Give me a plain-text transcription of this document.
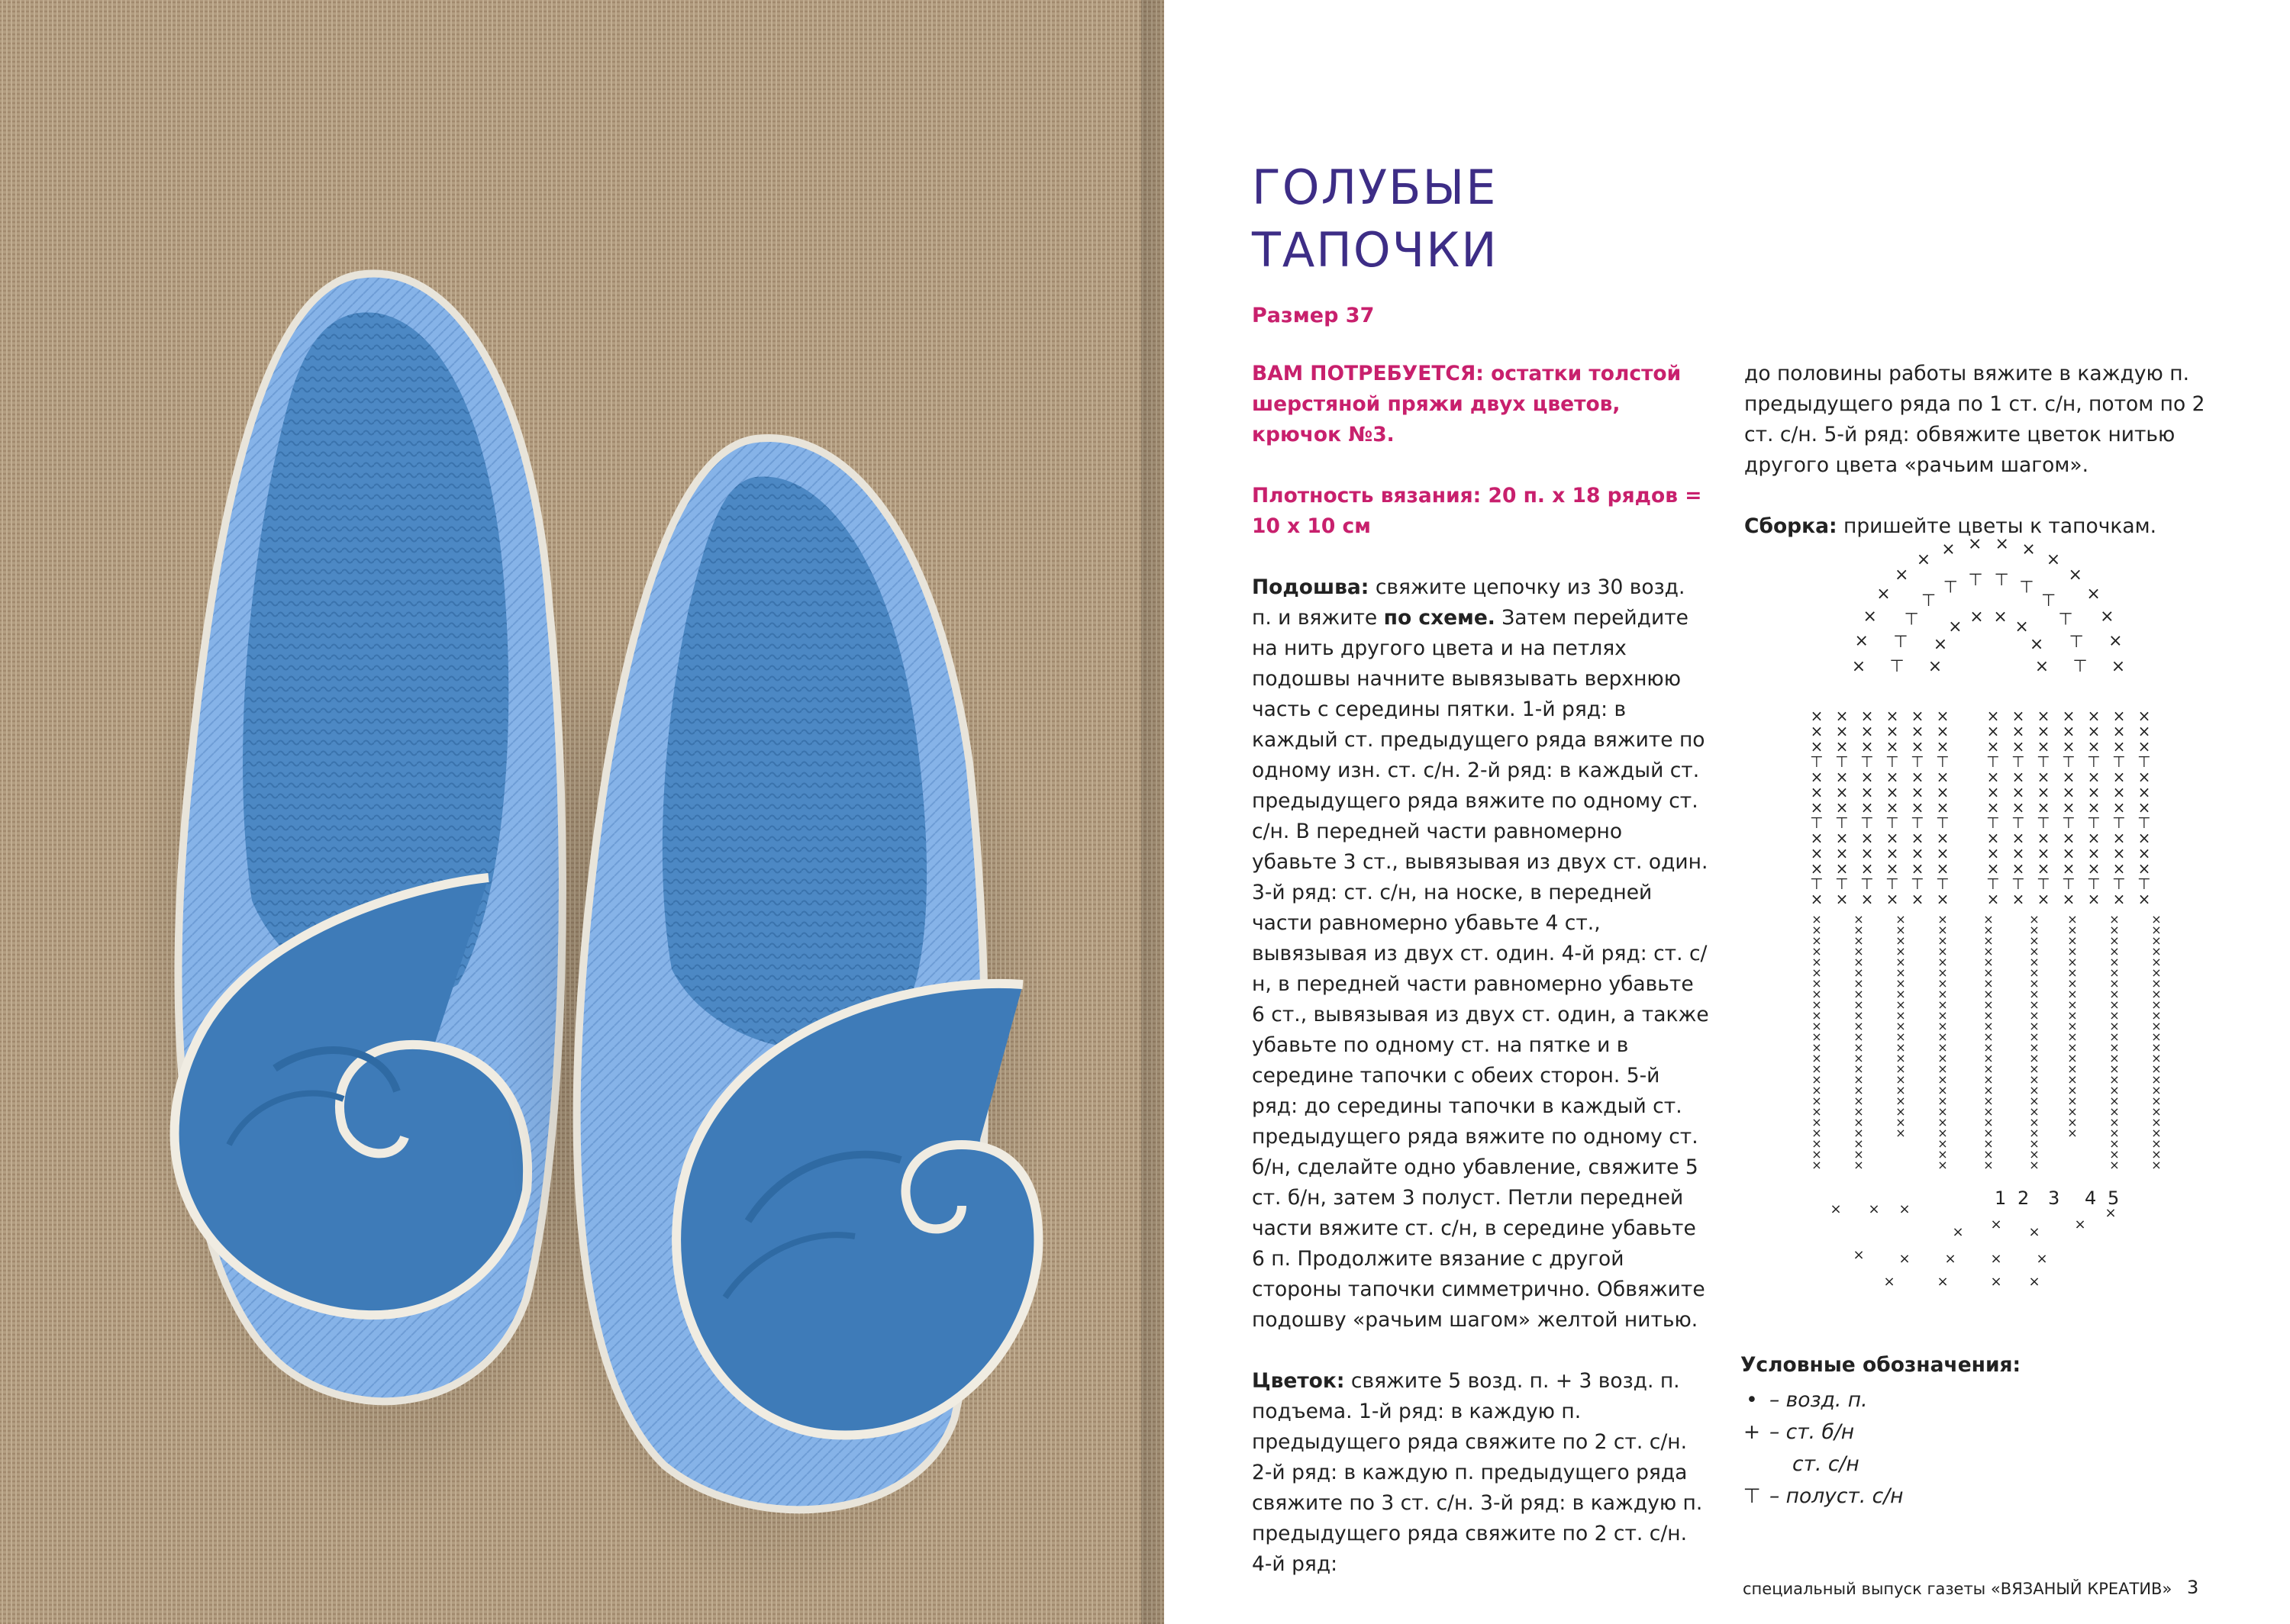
ГОЛУБЫЕ
ТАПОЧКИ
Размер 37

ВАМ ПОТРЕБУЕТСЯ: остатки толстой шерстяной пряжи двух цветов, крючок №3.

Плотность вязания: 20 п. х 18 рядов = 10 х 10 см

Подошва: свяжите цепочку из 30 возд. п. и вяжите по схеме. Затем перейдите на нить другого цвета и на петлях подошвы начните вывязывать верхнюю часть с середины пятки. 1-й ряд: в каждый ст. предыдущего ряда вяжите по одному изн. ст. с/н. 2-й ряд: в каждый ст. предыдущего ряда вяжите по одному ст. с/н. В передней части равномерно убавьте 3 ст., вывязывая из двух ст. один. 3-й ряд: ст. с/н, на носке, в передней части равномерно убавьте 4 ст., вывязывая из двух ст. один. 4-й ряд: ст. с/н, в передней части равномерно убавьте 6 ст., вывязывая из двух ст. один, а также убавьте по одному ст. на пятке и в середине тапочки с обеих сторон. 5-й ряд: до середины тапочки в каждый ст. предыдущего ряда вяжите по одному ст. б/н, сделайте одно убавление, свяжите 5 ст. б/н, затем 3 полуст. Петли передней части вяжите ст. с/н, в середине убавьте 6 п. Продолжите вязание с другой стороны тапочки симметрично. Обвяжите подошву «рачьим шагом» желтой нитью.

Цветок: свяжите 5 возд. п. + 3 возд. п. подъема. 1-й ряд: в каждую п. предыдущего ряда свяжите по 2 ст. с/н. 2-й ряд: в каждую п. предыдущего ряда свяжите по 3 ст. с/н. 3-й ряд: в каждую п. предыдущего ряда свяжите по 2 ст. с/н. 4-й ряд:

до половины работы вяжите в каждую п. предыдущего ряда по 1 ст. с/н, потом по 2 ст. с/н. 5-й ряд: обвяжите цветок нитью другого цвета «рачьим шагом».

Сборка: пришейте цветы к тапочкам.

×
×
×
× ×
×
×
×
⊤
⊤
⊤
⊤
⊤ ⊤ ⊤ ⊤
⊤
⊤
⊤
⊤
×
×
×
×
×
×
× × × ×
×
×
×
×
×
×
× × × × × × × × × × × × ×
× × × × × × × × × × × × ×
× × × × × × × × × × × × ×
⊤ ⊤ ⊤ ⊤ ⊤ ⊤ ⊤ ⊤ ⊤ ⊤ ⊤ ⊤ ⊤
× × × × × × × × × × × × ×
× × × × × × × × × × × × ×
× × × × × × × × × × × × ×
⊤ ⊤ ⊤ ⊤ ⊤ ⊤ ⊤ ⊤ ⊤ ⊤ ⊤ ⊤ ⊤
× × × × × × × × × × × × ×
× × × × × × × × × × × × ×
× × × × × × × × × × × × ×
⊤ ⊤ ⊤ ⊤ ⊤ ⊤ ⊤ ⊤ ⊤ ⊤ ⊤ ⊤ ⊤
× × × × × × × × × × × × ×
×	×	×	×	×	× ×	×	×
×	×	×	×	×	× ×	×	×
×	×	×	×	×	× ×	×	×
×	×	×	×	×	× ×	×	×
×	×	×	×	×	× ×	×	×
×	×	×	×	×	× ×	×	×
×	×	×	×	×	× ×	×	×
×	×	×	×	×	× ×	×	×
×	×	×	×	×	× ×	×	×
×	×	×	×	×	× ×	×	×
×	×	×	×	×	× ×	×	×
×	×	×	×	×	× ×	×	×
×	×	×	×	×	× ×	×	×
×	×	×	×	×	× ×	×	×
×	×	×	×	×	× ×	×	×
×	×	×	×	×	× ×	×	×
×	×	×	×	×	× ×	×	×
×	×	×	×	×	× ×	×	×
×	×	×	×	×	× ×	×	×
×	×	×	×	×	× ×	×	×
×	×	×	×	×	× ×	×	×
×	×	×	×	×	×	×
×	×	×	×	×	×	×
×	×	×	×	×	×	×
× × ×
× × × ×
×
× × × × ×
×	×	× ×
1 2 3 4 5
Условные обозначения:
• – возд. п.
+ – ст. б/н
ст. с/н
⊤ – полуст. с/н
специальный выпуск газеты «ВЯЗАНЫЙ КРЕАТИВ» 3
